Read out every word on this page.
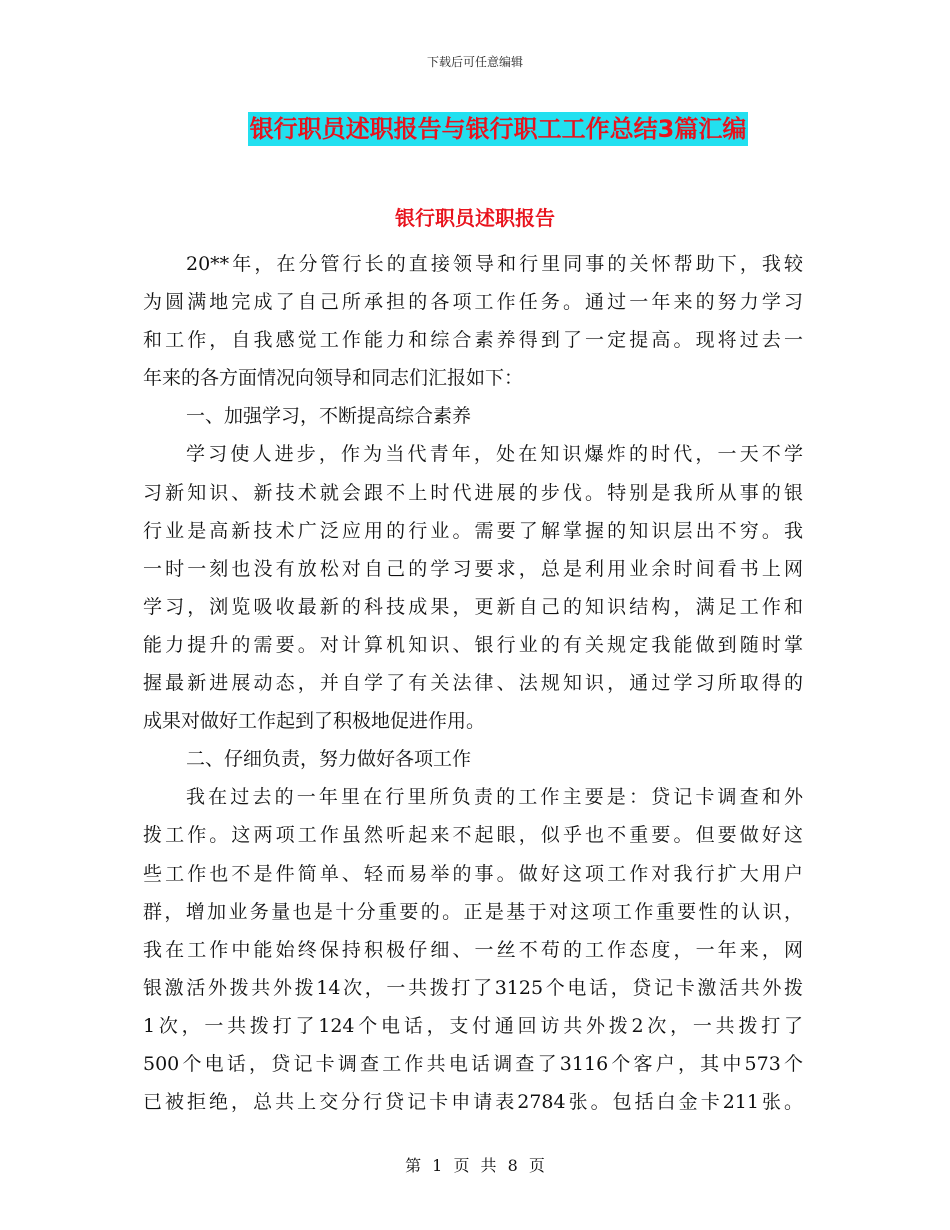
下载后可任意编辑
银行职员述职报告与银行职工工作总结3篇汇编
银行职员述职报告
20**年，在分管行长的直接领导和行里同事的关怀帮助下，我较
为圆满地完成了自己所承担的各项工作任务。通过一年来的努力学习
和工作，自我感觉工作能力和综合素养得到了一定提高。现将过去一
年来的各方面情况向领导和同志们汇报如下：
一、加强学习，不断提高综合素养
学习使人进步，作为当代青年，处在知识爆炸的时代，一天不学
习新知识、新技术就会跟不上时代进展的步伐。特别是我所从事的银
行业是高新技术广泛应用的行业。需要了解掌握的知识层出不穷。我
一时一刻也没有放松对自己的学习要求，总是利用业余时间看书上网
学习，浏览吸收最新的科技成果，更新自己的知识结构，满足工作和
能力提升的需要。对计算机知识、银行业的有关规定我能做到随时掌
握最新进展动态，并自学了有关法律、法规知识，通过学习所取得的
成果对做好工作起到了积极地促进作用。
二、仔细负责，努力做好各项工作
我在过去的一年里在行里所负责的工作主要是：贷记卡调查和外
拨工作。这两项工作虽然听起来不起眼，似乎也不重要。但要做好这
些工作也不是件简单、轻而易举的事。做好这项工作对我行扩大用户
群，增加业务量也是十分重要的。正是基于对这项工作重要性的认识，
我在工作中能始终保持积极仔细、一丝不苟的工作态度，一年来，网
银激活外拨共外拨14次，一共拨打了3125个电话，贷记卡激活共外拨
1次，一共拨打了124个电话，支付通回访共外拨2次，一共拨打了
500个电话，贷记卡调查工作共电话调查了3116个客户，其中573个
已被拒绝，总共上交分行贷记卡申请表2784张。包括白金卡211张。
第 1 页 共 8 页
